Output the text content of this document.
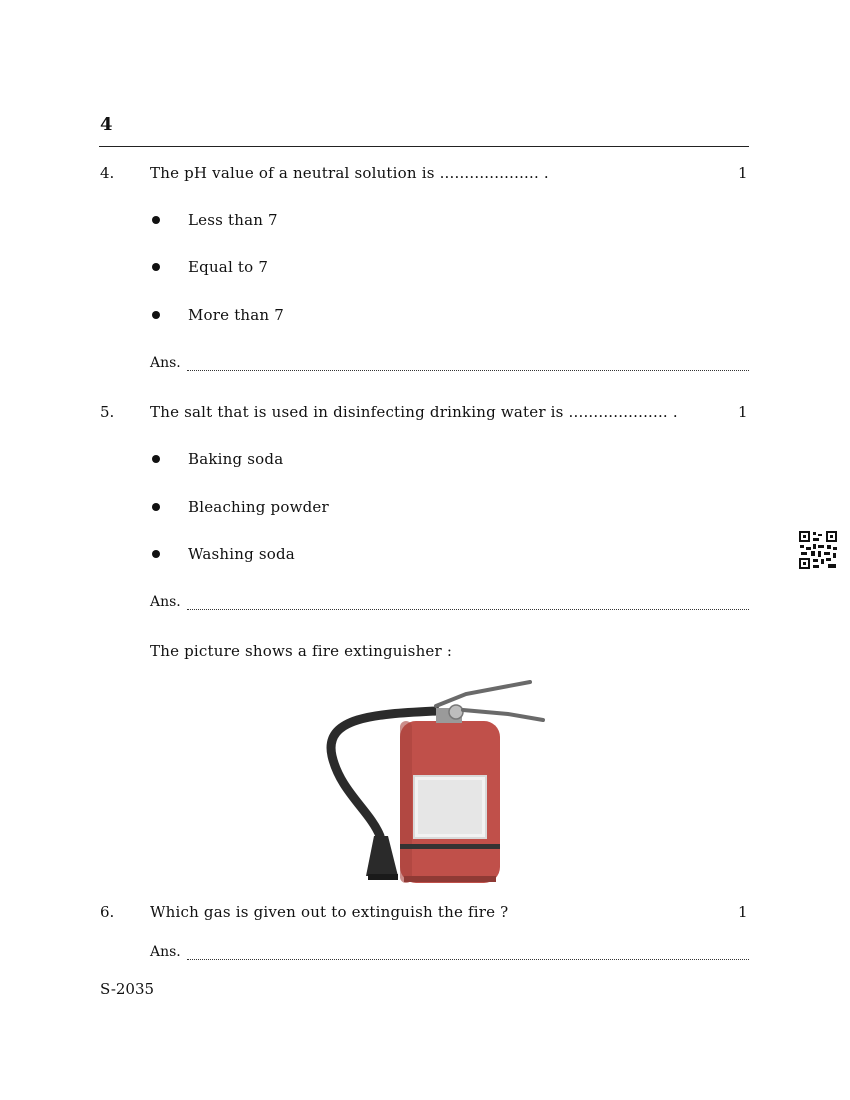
4
4. The pH value of a neutral solution is .................... .	1
Less than 7
Equal to 7
More than 7
Ans.
5. The salt that is used in disinfecting drinking water is .................... .	1
Baking soda
Bleaching powder
Washing soda
Ans.
The picture shows a fire extinguisher :
6. Which gas is given out to extinguish the fire ?	1
Ans.
S-2035
